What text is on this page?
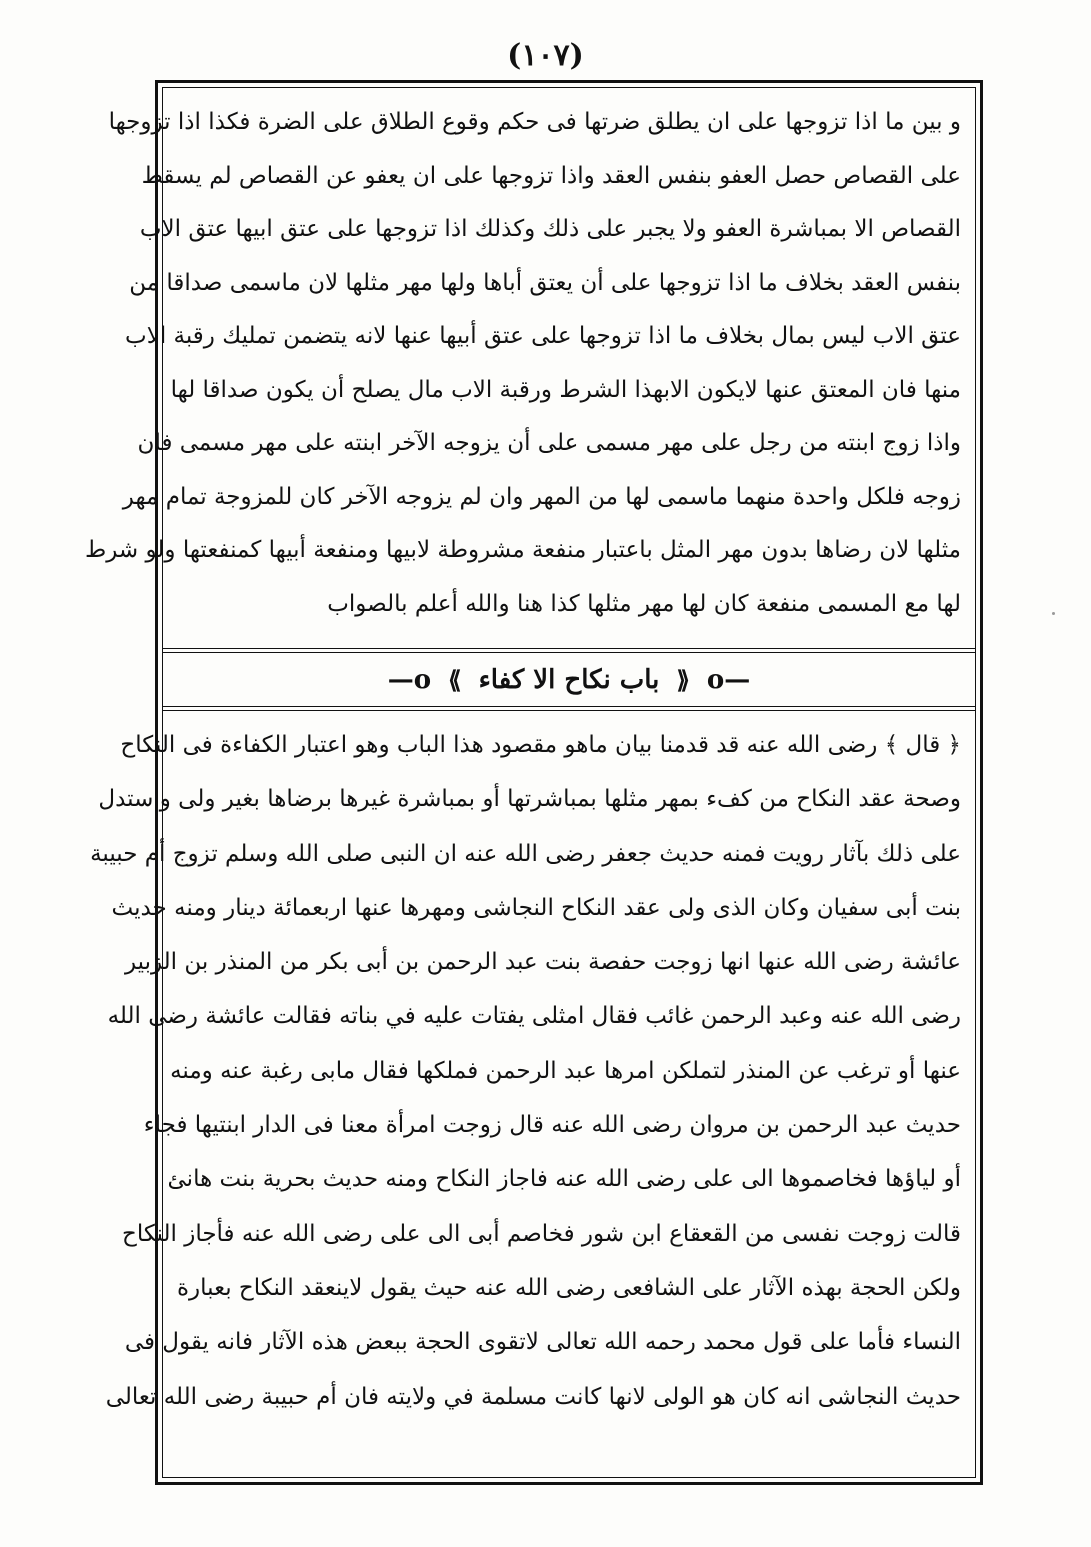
(١٠٧)
و بين ما اذا تزوجها على ان يطلق ضرتها فى حكم وقوع الطلاق على الضرة فكذا اذا تزوجها
على القصاص حصل العفو بنفس العقد واذا تزوجها على ان يعفو عن القصاص لم يسقط
القصاص الا بمباشرة العفو ولا يجبر على ذلك وكذلك اذا تزوجها على عتق ابيها عتق الاب
بنفس العقد بخلاف ما اذا تزوجها على أن يعتق أباها ولها مهر مثلها لان ماسمى صداقا من
عتق الاب ليس بمال بخلاف ما اذا تزوجها على عتق أبيها عنها لانه يتضمن تمليك رقبة الاب
منها فان المعتق عنها لايكون الابهذا الشرط ورقبة الاب مال يصلح أن يكون صداقا لها
واذا زوج ابنته من رجل على مهر مسمى على أن يزوجه الآخر ابنته على مهر مسمى فان
زوجه فلكل واحدة منهما ماسمى لها من المهر وان لم يزوجه الآخر كان للمزوجة تمام مهر
مثلها لان رضاها بدون مهر المثل باعتبار منفعة مشروطة لابيها ومنفعة أبيها كمنفعتها ولو شرط
لها مع المسمى منفعة كان لها مهر مثلها كذا هنا والله أعلم بالصواب
—o ⟪ باب نكاح الا كفاء ⟫ o—
﴿ قال ﴾ رضى الله عنه قد قدمنا بيان ماهو مقصود هذا الباب وهو اعتبار الكفاءة فى النكاح
وصحة عقد النكاح من كفء بمهر مثلها بمباشرتها أو بمباشرة غيرها برضاها بغير ولى واستدل
على ذلك بآثار رويت فمنه حديث جعفر رضى الله عنه ان النبى صلى الله وسلم تزوج أم حبيبة
بنت أبى سفيان وكان الذى ولى عقد النكاح النجاشى ومهرها عنها اربعمائة دينار ومنه حديث
عائشة رضى الله عنها انها زوجت حفصة بنت عبد الرحمن بن أبى بكر من المنذر بن الزبير
رضى الله عنه وعبد الرحمن غائب فقال امثلى يفتات عليه في بناته فقالت عائشة رضى الله
عنها أو ترغب عن المنذر لتملكن امرها عبد الرحمن فملكها فقال مابى رغبة عنه ومنه
حديث عبد الرحمن بن مروان رضى الله عنه قال زوجت امرأة معنا فى الدار ابنتيها فجاء
أو لياؤها فخاصموها الى على رضى الله عنه فاجاز النكاح ومنه حديث بحرية بنت هانئ
قالت زوجت نفسى من القعقاع ابن شور فخاصم أبى الى على رضى الله عنه فأجاز النكاح
ولكن الحجة بهذه الآثار على الشافعى رضى الله عنه حيث يقول لاينعقد النكاح بعبارة
النساء فأما على قول محمد رحمه الله تعالى لاتقوى الحجة ببعض هذه الآثار فانه يقول فى
حديث النجاشى انه كان هو الولى لانها كانت مسلمة في ولايته فان أم حبيبة رضى الله تعالى
